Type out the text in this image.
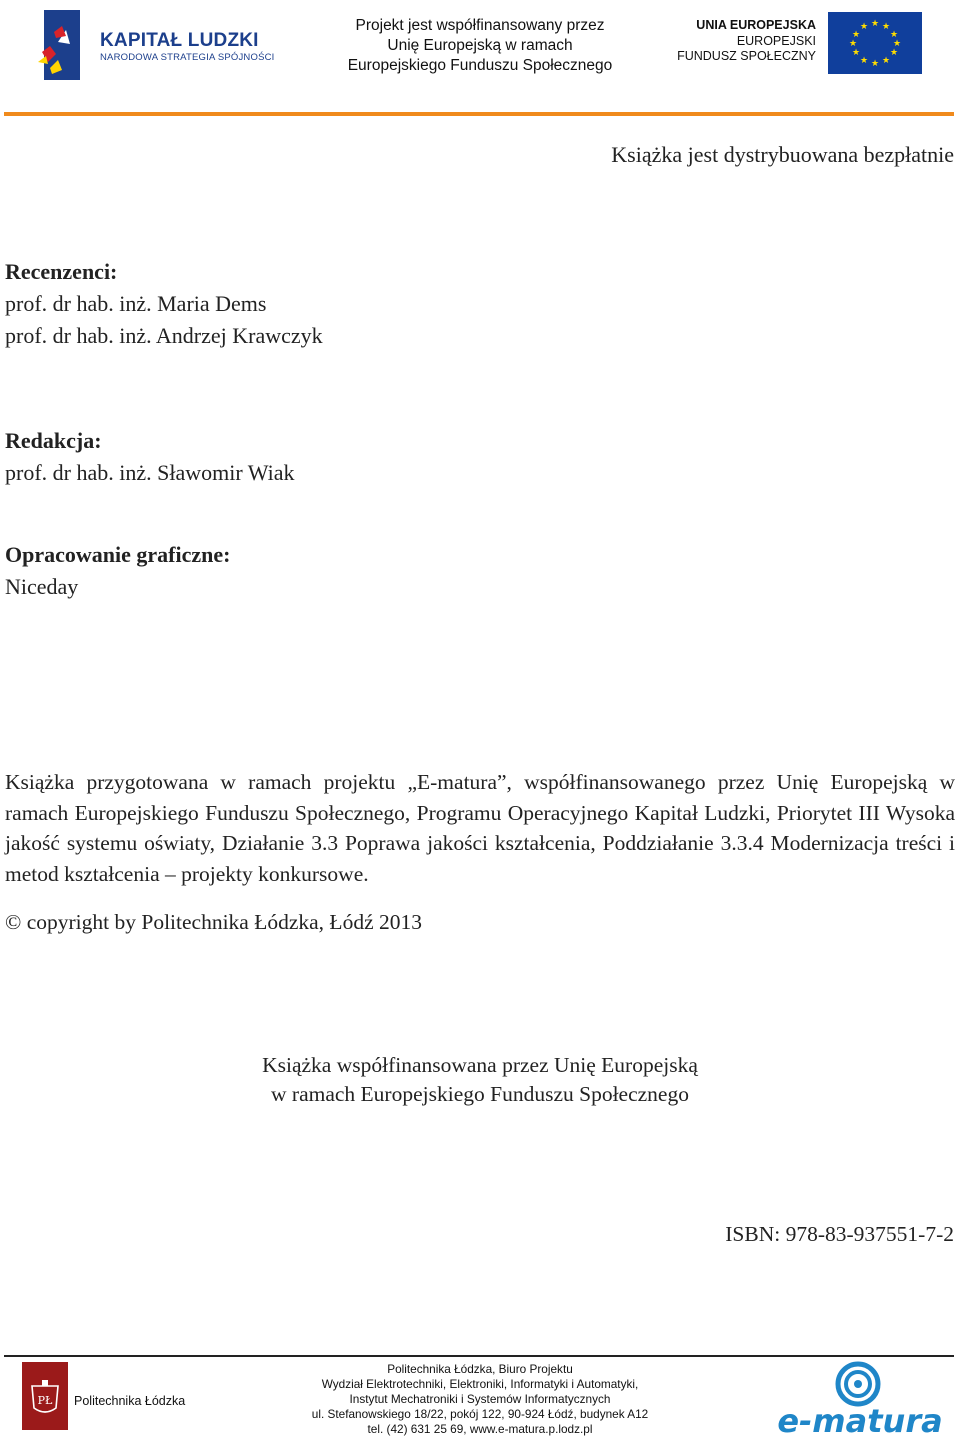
KAPITAŁ LUDZKI
NARODOWA STRATEGIA SPÓJNOŚCI
Projekt jest współfinansowany przez
Unię Europejską w ramach
Europejskiego Funduszu Społecznego
UNIA EUROPEJSKA
EUROPEJSKI
FUNDUSZ SPOŁECZNY
★ ★
★
★
★
★
★
★
★
★
★
★
Książka jest dystrybuowana bezpłatnie
Recenzenci:
prof. dr hab. inż. Maria Dems
prof. dr hab. inż. Andrzej Krawczyk
Redakcja:
prof. dr hab. inż. Sławomir Wiak
Opracowanie graficzne:
Niceday
Książka przygotowana w ramach projektu „E-matura”, współfinansowanego przez Unię Europejską w ramach Europejskiego Funduszu Społecznego, Programu Operacyjnego Kapitał Ludzki, Priorytet III Wysoka jakość systemu oświaty, Działanie 3.3 Poprawa jakości kształcenia, Poddziałanie 3.3.4 Modernizacja treści i metod kształcenia – projekty konkursowe.
© copyright by Politechnika Łódzka, Łódź 2013
Książka współfinansowana przez Unię Europejską
w ramach Europejskiego Funduszu Społecznego
ISBN: 978-83-937551-7-2
PŁ Politechnika Łódzka
Politechnika Łódzka, Biuro Projektu
Wydział Elektrotechniki, Elektroniki, Informatyki i Automatyki,
Instytut Mechatroniki i Systemów Informatycznych
ul. Stefanowskiego 18/22, pokój 122, 90-924 Łódź, budynek A12
tel. (42) 631 25 69, www.e-matura.p.lodz.pl	e-matura
